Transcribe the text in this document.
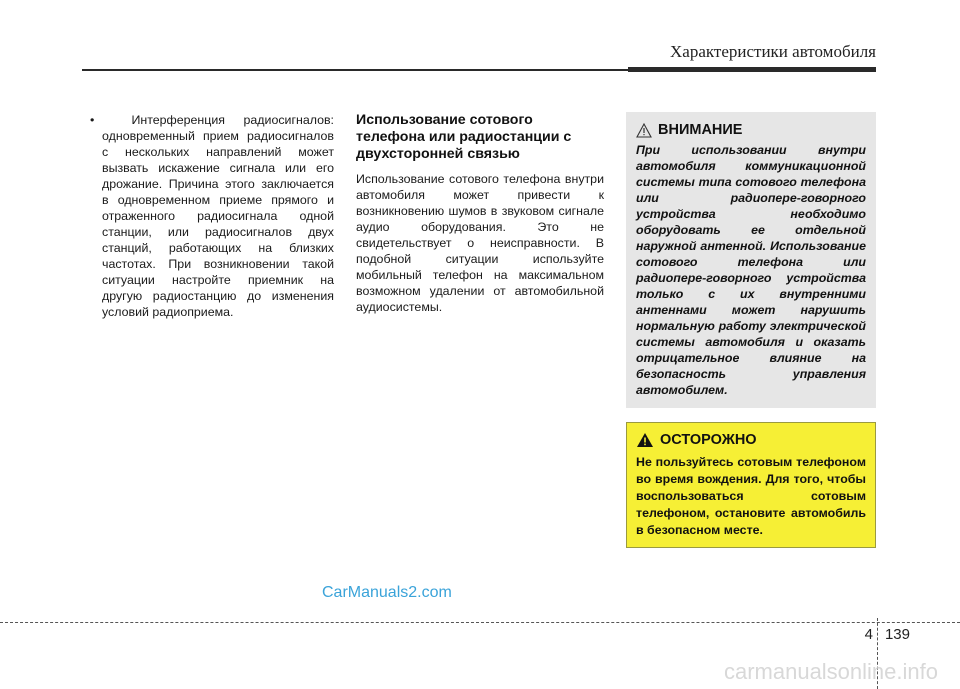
Характеристики автомобиля
•	Интерференция радиосигналов: одновременный прием радиосигналов с нескольких направлений может вызвать искажение сигнала или его дрожание. Причина этого заключается в одновременном приеме прямого и отраженного радиосигнала одной станции, или радиосигналов двух станций, работающих на близких частотах. При возникновении такой ситуации настройте приемник на другую радиостанцию до изменения условий радиоприема.
Использование сотового телефона или радиостанции с двухсторонней связью

Использование сотового телефона внутри автомобиля может привести к возникновению шумов в звуковом сигнале аудио оборудования. Это не свидетельствует о неисправности. В подобной ситуации используйте мобильный телефон на максимальном возможном удалении от автомобильной аудиосистемы.

ВНИМАНИЕ

При использовании внутри автомобиля коммуникационной системы типа сотового телефона или радиопере-говорного устройства необходимо оборудовать ее отдельной наружной антенной. Использование сотового телефона или радиопере-говорного устройства только с их внутренними антеннами может нарушить нормальную работу электрической системы автомобиля и оказать отрицательное влияние на безопасность управления автомобилем.

ОСТОРОЖНО

Не пользуйтесь сотовым телефоном во время вождения. Для того, чтобы воспользоваться сотовым телефоном, остановите автомобиль в безопасном месте.

CarManuals2.com
4 139
carmanualsonline.info
